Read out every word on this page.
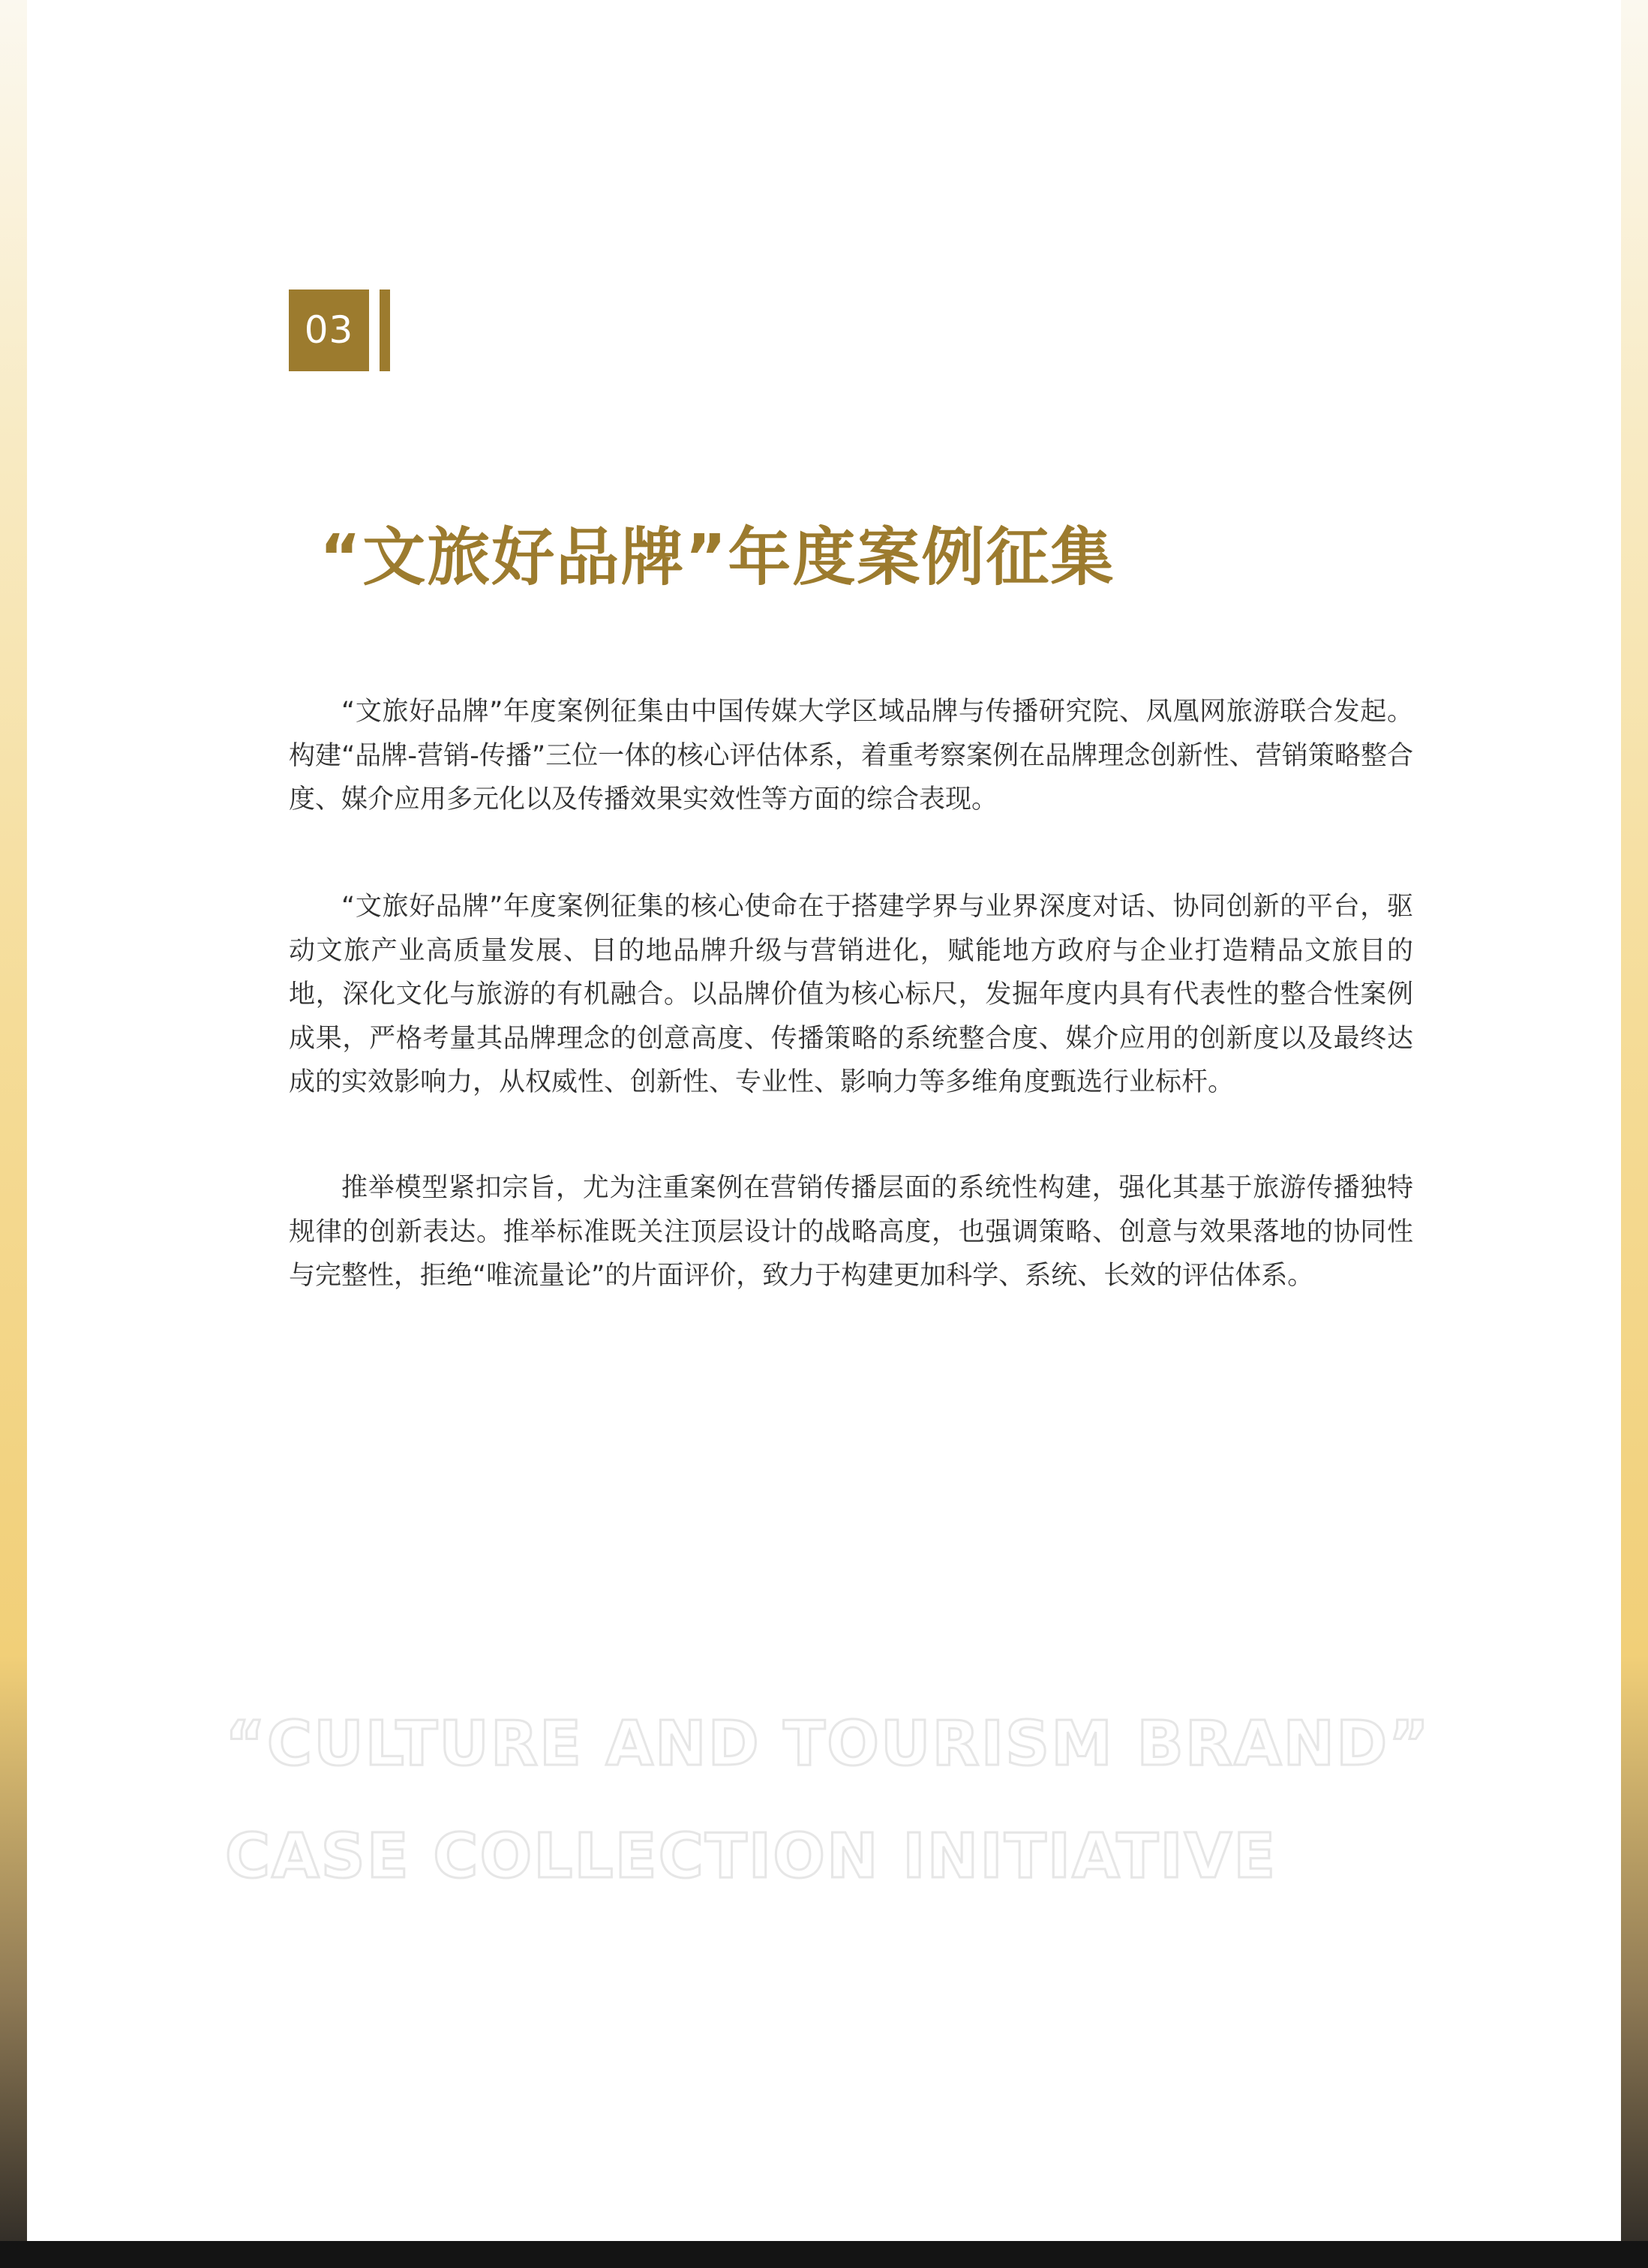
03
“文旅好品牌”年度案例征集

“文旅好品牌”年度案例征集由中国传媒大学区域品牌与传播研究院、凤凰网旅游联合发起。构建“品牌-营销-传播”三位一体的核心评估体系，着重考察案例在品牌理念创新性、营销策略整合度、媒介应用多元化以及传播效果实效性等方面的综合表现。

“文旅好品牌”年度案例征集的核心使命在于搭建学界与业界深度对话、协同创新的平台，驱动文旅产业高质量发展、目的地品牌升级与营销进化，赋能地方政府与企业打造精品文旅目的地，深化文化与旅游的有机融合。以品牌价值为核心标尺，发掘年度内具有代表性的整合性案例成果，严格考量其品牌理念的创意高度、传播策略的系统整合度、媒介应用的创新度以及最终达成的实效影响力，从权威性、创新性、专业性、影响力等多维角度甄选行业标杆。

推举模型紧扣宗旨，尤为注重案例在营销传播层面的系统性构建，强化其基于旅游传播独特规律的创新表达。推举标准既关注顶层设计的战略高度，也强调策略、创意与效果落地的协同性与完整性，拒绝“唯流量论”的片面评价，致力于构建更加科学、系统、长效的评估体系。

“CULTURE AND TOURISM BRAND”
CASE COLLECTION INITIATIVE
